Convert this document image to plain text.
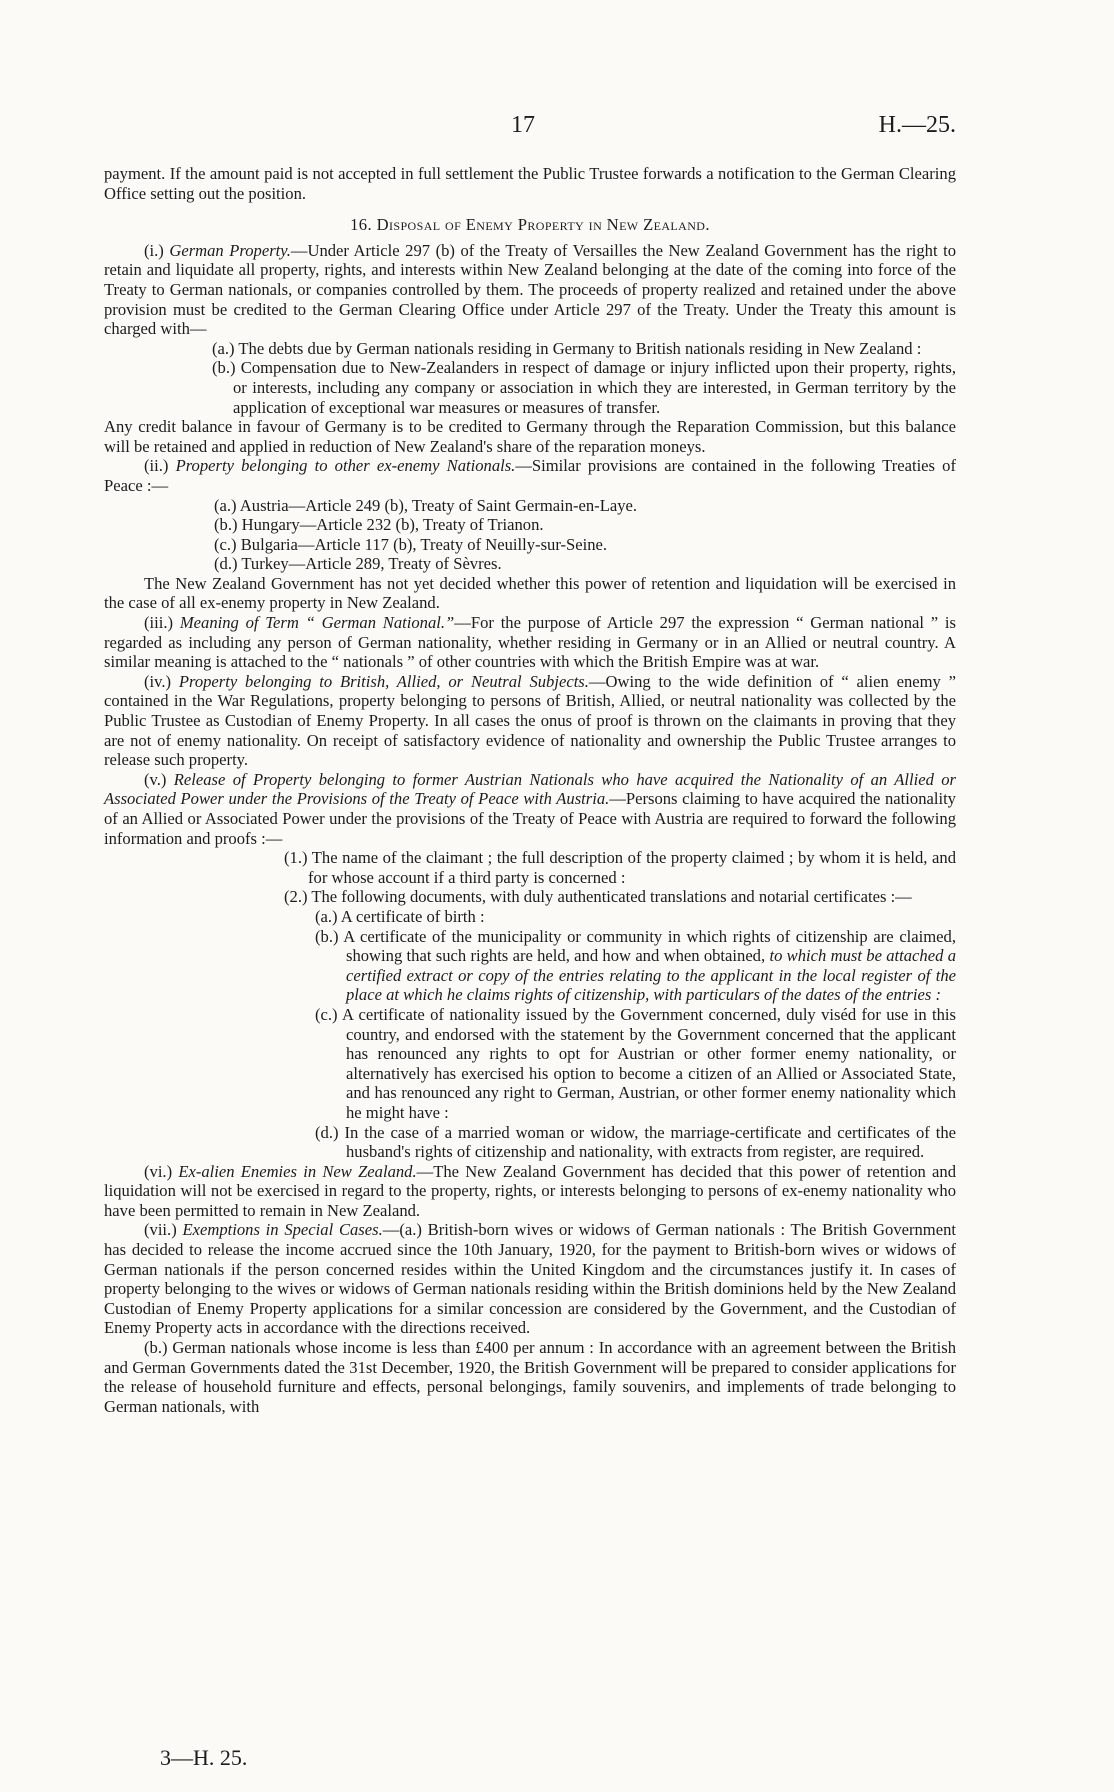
17	H.—25.

payment. If the amount paid is not accepted in full settlement the Public Trustee forwards a notification to the German Clearing Office setting out the position.

16. Disposal of Enemy Property in New Zealand.

(i.) German Property.—Under Article 297 (b) of the Treaty of Versailles the New Zealand Government has the right to retain and liquidate all property, rights, and interests within New Zealand belonging at the date of the coming into force of the Treaty to German nationals, or companies controlled by them. The proceeds of property realized and retained under the above provision must be credited to the German Clearing Office under Article 297 of the Treaty. Under the Treaty this amount is charged with—

(a.) The debts due by German nationals residing in Germany to British nationals residing in New Zealand :

(b.) Compensation due to New-Zealanders in respect of damage or injury inflicted upon their property, rights, or interests, including any company or association in which they are interested, in German territory by the application of exceptional war measures or measures of transfer.

Any credit balance in favour of Germany is to be credited to Germany through the Reparation Commission, but this balance will be retained and applied in reduction of New Zealand's share of the reparation moneys.

(ii.) Property belonging to other ex-enemy Nationals.—Similar provisions are contained in the following Treaties of Peace :—

(a.) Austria—Article 249 (b), Treaty of Saint Germain-en-Laye.

(b.) Hungary—Article 232 (b), Treaty of Trianon.

(c.) Bulgaria—Article 117 (b), Treaty of Neuilly-sur-Seine.

(d.) Turkey—Article 289, Treaty of Sèvres.

The New Zealand Government has not yet decided whether this power of retention and liquidation will be exercised in the case of all ex-enemy property in New Zealand.

(iii.) Meaning of Term “ German National.”—For the purpose of Article 297 the expression “ German national ” is regarded as including any person of German nationality, whether residing in Germany or in an Allied or neutral country. A similar meaning is attached to the “ nationals ” of other countries with which the British Empire was at war.

(iv.) Property belonging to British, Allied, or Neutral Subjects.—Owing to the wide definition of “ alien enemy ” contained in the War Regulations, property belonging to persons of British, Allied, or neutral nationality was collected by the Public Trustee as Custodian of Enemy Property. In all cases the onus of proof is thrown on the claimants in proving that they are not of enemy nationality. On receipt of satisfactory evidence of nationality and ownership the Public Trustee arranges to release such property.

(v.) Release of Property belonging to former Austrian Nationals who have acquired the Nationality of an Allied or Associated Power under the Provisions of the Treaty of Peace with Austria.—Persons claiming to have acquired the nationality of an Allied or Associated Power under the provisions of the Treaty of Peace with Austria are required to forward the following information and proofs :—

(1.) The name of the claimant ; the full description of the property claimed ; by whom it is held, and for whose account if a third party is concerned :

(2.) The following documents, with duly authenticated translations and notarial certificates :—

(a.) A certificate of birth :

(b.) A certificate of the municipality or community in which rights of citizenship are claimed, showing that such rights are held, and how and when obtained, to which must be attached a certified extract or copy of the entries relating to the applicant in the local register of the place at which he claims rights of citizenship, with particulars of the dates of the entries :

(c.) A certificate of nationality issued by the Government concerned, duly viséd for use in this country, and endorsed with the statement by the Government concerned that the applicant has renounced any rights to opt for Austrian or other former enemy nationality, or alternatively has exercised his option to become a citizen of an Allied or Associated State, and has renounced any right to German, Austrian, or other former enemy nationality which he might have :

(d.) In the case of a married woman or widow, the marriage-certificate and certificates of the husband's rights of citizenship and nationality, with extracts from register, are required.

(vi.) Ex-alien Enemies in New Zealand.—The New Zealand Government has decided that this power of retention and liquidation will not be exercised in regard to the property, rights, or interests belonging to persons of ex-enemy nationality who have been permitted to remain in New Zealand.

(vii.) Exemptions in Special Cases.—(a.) British-born wives or widows of German nationals : The British Government has decided to release the income accrued since the 10th January, 1920, for the payment to British-born wives or widows of German nationals if the person concerned resides within the United Kingdom and the circumstances justify it. In cases of property belonging to the wives or widows of German nationals residing within the British dominions held by the New Zealand Custodian of Enemy Property applications for a similar concession are considered by the Government, and the Custodian of Enemy Property acts in accordance with the directions received.

(b.) German nationals whose income is less than £400 per annum : In accordance with an agreement between the British and German Governments dated the 31st December, 1920, the British Government will be prepared to consider applications for the release of household furniture and effects, personal belongings, family souvenirs, and implements of trade belonging to German nationals, with

3—H. 25.
